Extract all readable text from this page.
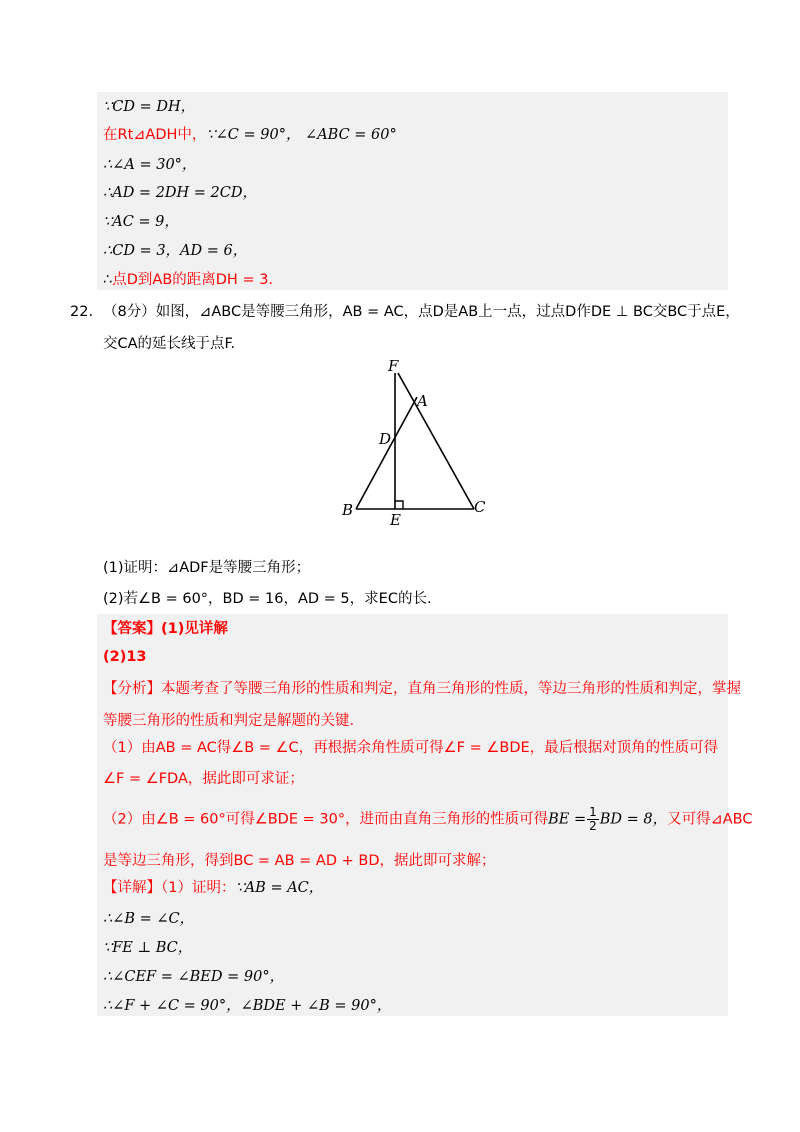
∵CD = DH，
在Rt⊿ADH中，∵∠C = 90°， ∠ABC = 60°
∴∠A = 30°，
∴AD = 2DH = 2CD，
∵AC = 9，
∴CD = 3，AD = 6，
∴点D到AB的距离DH = 3.
22. （8分）如图，⊿ABC是等腰三角形，AB = AC，点D是AB上一点，过点D作DE ⊥ BC交BC于点E，
交CA的延长线于点F.
F
A
D
B
E
C
(1)证明：⊿ADF是等腰三角形；
(2)若∠B = 60°，BD = 16，AD = 5，求EC的长.
【答案】(1)见详解
(2)13
【分析】本题考查了等腰三角形的性质和判定，直角三角形的性质，等边三角形的性质和判定，掌握
等腰三角形的性质和判定是解题的关键.
（1）由AB = AC得∠B = ∠C，再根据余角性质可得∠F = ∠BDE，最后根据对顶角的性质可得
∠F = ∠FDA，据此即可求证；
（2）由∠B = 60°可得∠BDE = 30°，进而由直角三角形的性质可得BE = $\frac{1}{2}$ BD = 8，又可得⊿ABC
是等边三角形，得到BC = AB = AD + BD，据此即可求解；
【详解】（1）证明：∵AB = AC，
∴∠B = ∠C，
∵FE ⊥ BC，
∴∠CEF = ∠BED = 90°，
∴∠F + ∠C = 90°，∠BDE + ∠B = 90°，
